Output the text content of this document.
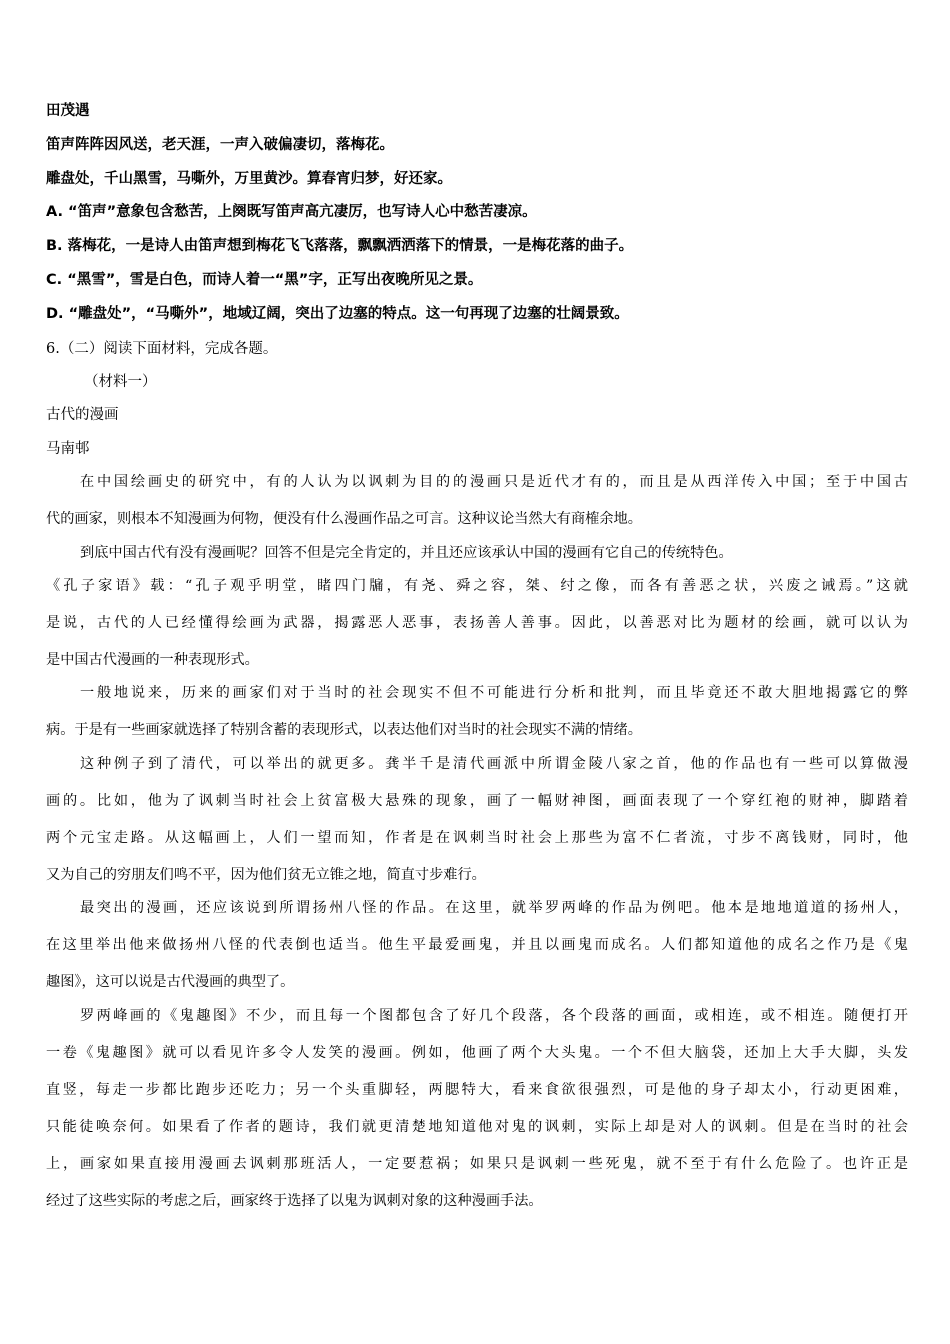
田茂遇
笛声阵阵因风送，老天涯，一声入破偏凄切，落梅花。
雕盘处，千山黑雪，马嘶外，万里黄沙。算春宵归梦，好还家。
A. “笛声”意象包含愁苦，上阕既写笛声高亢凄厉，也写诗人心中愁苦凄凉。
B. 落梅花，一是诗人由笛声想到梅花飞飞落落，飘飘洒洒落下的情景，一是梅花落的曲子。
C. “黑雪”，雪是白色，而诗人着一“黑”字，正写出夜晚所见之景。
D. “雕盘处”，“马嘶外”，地域辽阔，突出了边塞的特点。这一句再现了边塞的壮阔景致。
6.（二）阅读下面材料，完成各题。
（材料一）
古代的漫画
马南邨
在中国绘画史的研究中，有的人认为以讽刺为目的的漫画只是近代才有的，而且是从西洋传入中国；至于中国古
代的画家，则根本不知漫画为何物，便没有什么漫画作品之可言。这种议论当然大有商榷余地。
到底中国古代有没有漫画呢？回答不但是完全肯定的，并且还应该承认中国的漫画有它自己的传统特色。
《孔子家语》载：“孔子观乎明堂，睹四门牖，有尧、舜之容，桀、纣之像，而各有善恶之状，兴废之诫焉。”这就
是说，古代的人已经懂得绘画为武器，揭露恶人恶事，表扬善人善事。因此，以善恶对比为题材的绘画，就可以认为
是中国古代漫画的一种表现形式。
一般地说来，历来的画家们对于当时的社会现实不但不可能进行分析和批判，而且毕竟还不敢大胆地揭露它的弊
病。于是有一些画家就选择了特别含蓄的表现形式，以表达他们对当时的社会现实不满的情绪。
这种例子到了清代，可以举出的就更多。龚半千是清代画派中所谓金陵八家之首，他的作品也有一些可以算做漫
画的。比如，他为了讽刺当时社会上贫富极大悬殊的现象，画了一幅财神图，画面表现了一个穿红袍的财神，脚踏着
两个元宝走路。从这幅画上，人们一望而知，作者是在讽刺当时社会上那些为富不仁者流，寸步不离钱财，同时，他
又为自己的穷朋友们鸣不平，因为他们贫无立锥之地，简直寸步难行。
最突出的漫画，还应该说到所谓扬州八怪的作品。在这里，就举罗两峰的作品为例吧。他本是地地道道的扬州人，
在这里举出他来做扬州八怪的代表倒也适当。他生平最爱画鬼，并且以画鬼而成名。人们都知道他的成名之作乃是《鬼
趣图》，这可以说是古代漫画的典型了。
罗两峰画的《鬼趣图》不少，而且每一个图都包含了好几个段落，各个段落的画面，或相连，或不相连。随便打开
一卷《鬼趣图》就可以看见许多令人发笑的漫画。例如，他画了两个大头鬼。一个不但大脑袋，还加上大手大脚，头发
直竖，每走一步都比跑步还吃力；另一个头重脚轻，两腮特大，看来食欲很强烈，可是他的身子却太小，行动更困难，
只能徒唤奈何。如果看了作者的题诗，我们就更清楚地知道他对鬼的讽刺，实际上却是对人的讽刺。但是在当时的社会
上，画家如果直接用漫画去讽刺那班活人，一定要惹祸；如果只是讽刺一些死鬼，就不至于有什么危险了。也许正是
经过了这些实际的考虑之后，画家终于选择了以鬼为讽刺对象的这种漫画手法。
